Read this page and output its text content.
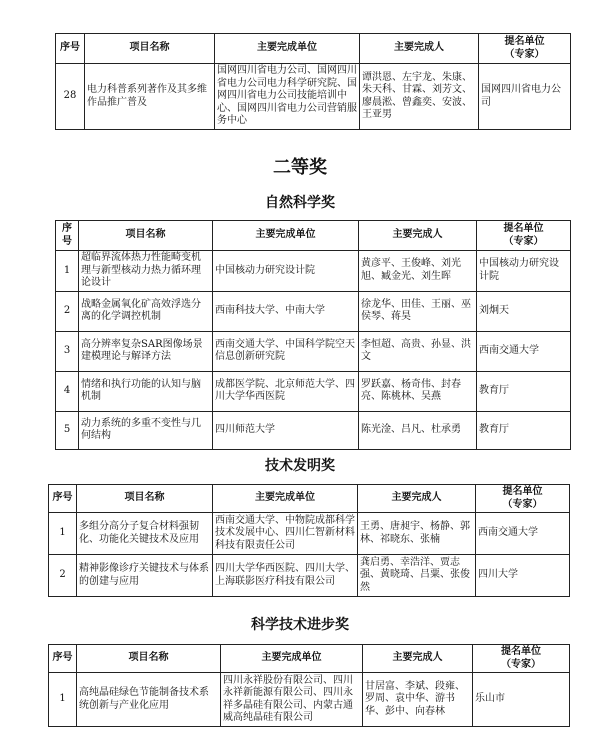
序号	项目名称	主要完成单位	主要完成人	提名单位
（专家）
28	电力科普系列著作及其多维作品推广普及	国网四川省电力公司、国网四川省电力公司电力科学研究院、国网四川省电力公司技能培训中心、国网四川省电力公司营销服务中心	谭洪恩、左宇龙、朱康、朱天科、甘霖、刘芳文、廖晨淞、曾鑫奕、安波、王亚男	国网四川省电力公司
二等奖
自然科学奖
序号	项目名称	主要完成单位	主要完成人	提名单位
（专家）
1	超临界流体热力性能畸变机理与新型核动力热力循环理论设计	中国核动力研究设计院	黄彦平、王俊峰、刘光旭、臧金光、刘生晖	中国核动力研究设计院
2	战略金属氧化矿高效浮选分离的化学调控机制	西南科技大学、中南大学	徐龙华、田佳、王丽、巫侯琴、蒋昊	刘炯天
3	高分辨率复杂SAR图像场景建模理论与解译方法	西南交通大学、中国科学院空天信息创新研究院	李恒超、高贵、孙显、洪文	西南交通大学
4	情绪和执行功能的认知与脑机制	成都医学院、北京师范大学、四川大学华西医院	罗跃嘉、杨奇伟、封春亮、陈桃林、吴燕	教育厅
5	动力系统的多重不变性与几何结构	四川师范大学	陈光淦、吕凡、杜承勇	教育厅
技术发明奖
序号	项目名称	主要完成单位	主要完成人	提名单位
（专家）
1	多组分高分子复合材料强韧化、功能化关键技术及应用	西南交通大学、中物院成都科学技术发展中心、四川仁智新材料科技有限责任公司	王勇、唐昶宇、杨静、郭林、祁晓东、张楠	西南交通大学
2	精神影像诊疗关键技术与体系的创建与应用	四川大学华西医院、四川大学、上海联影医疗科技有限公司	龚启勇、幸浩洋、贾志强、黄晓琦、吕粟、张俊然	四川大学
科学技术进步奖
序号	项目名称	主要完成单位	主要完成人	提名单位
（专家）
1	高纯晶硅绿色节能制备技术系统创新与产业化应用	四川永祥股份有限公司、四川永祥新能源有限公司、四川永祥多晶硅有限公司、内蒙古通威高纯晶硅有限公司	甘居富、李斌、段雍、罗周、袁中华、游书华、彭中、向春林	乐山市
